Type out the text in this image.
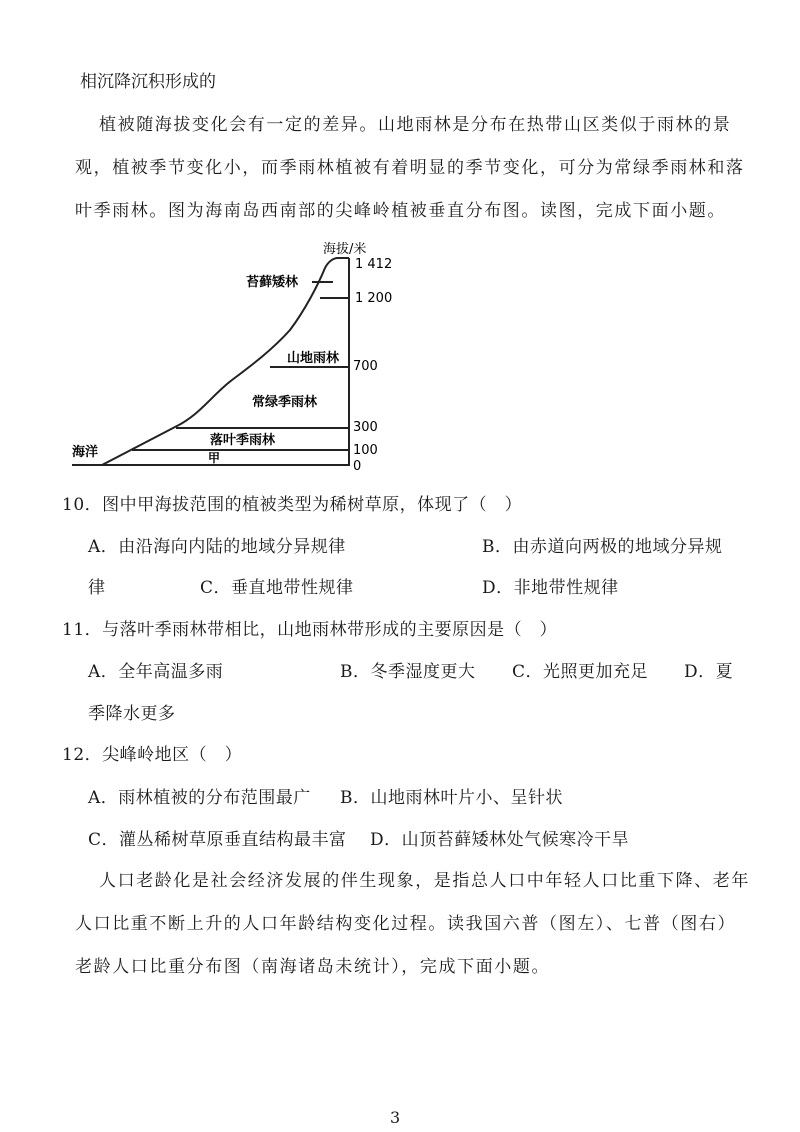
相沉降沉积形成的
植被随海拔变化会有一定的差异。山地雨林是分布在热带山区类似于雨林的景观，植被季节变化小，而季雨林植被有着明显的季节变化，可分为常绿季雨林和落叶季雨林。图为海南岛西南部的尖峰岭植被垂直分布图。读图，完成下面小题。
海拔/米
1 412
1 200
700
300
100
0
苔藓矮林
山地雨林
常绿季雨林
落叶季雨林
甲
海洋
10．图中甲海拔范围的植被类型为稀树草原，体现了（　）
A．由沿海向内陆的地域分异规律	B．由赤道向两极的地域分异规
律	C．垂直地带性规律	D．非地带性规律
11．与落叶季雨林带相比，山地雨林带形成的主要原因是（　）
A．全年高温多雨	B．冬季湿度更大 C．光照更加充足 D．夏
季降水更多
12．尖峰岭地区（　）
A．雨林植被的分布范围最广 B．山地雨林叶片小、呈针状
C．灌丛稀树草原垂直结构最丰富 D．山顶苔藓矮林处气候寒冷干旱
人口老龄化是社会经济发展的伴生现象，是指总人口中年轻人口比重下降、老年人口比重不断上升的人口年龄结构变化过程。读我国六普（图左）、七普（图右）老龄人口比重分布图（南海诸岛未统计），完成下面小题。
3
